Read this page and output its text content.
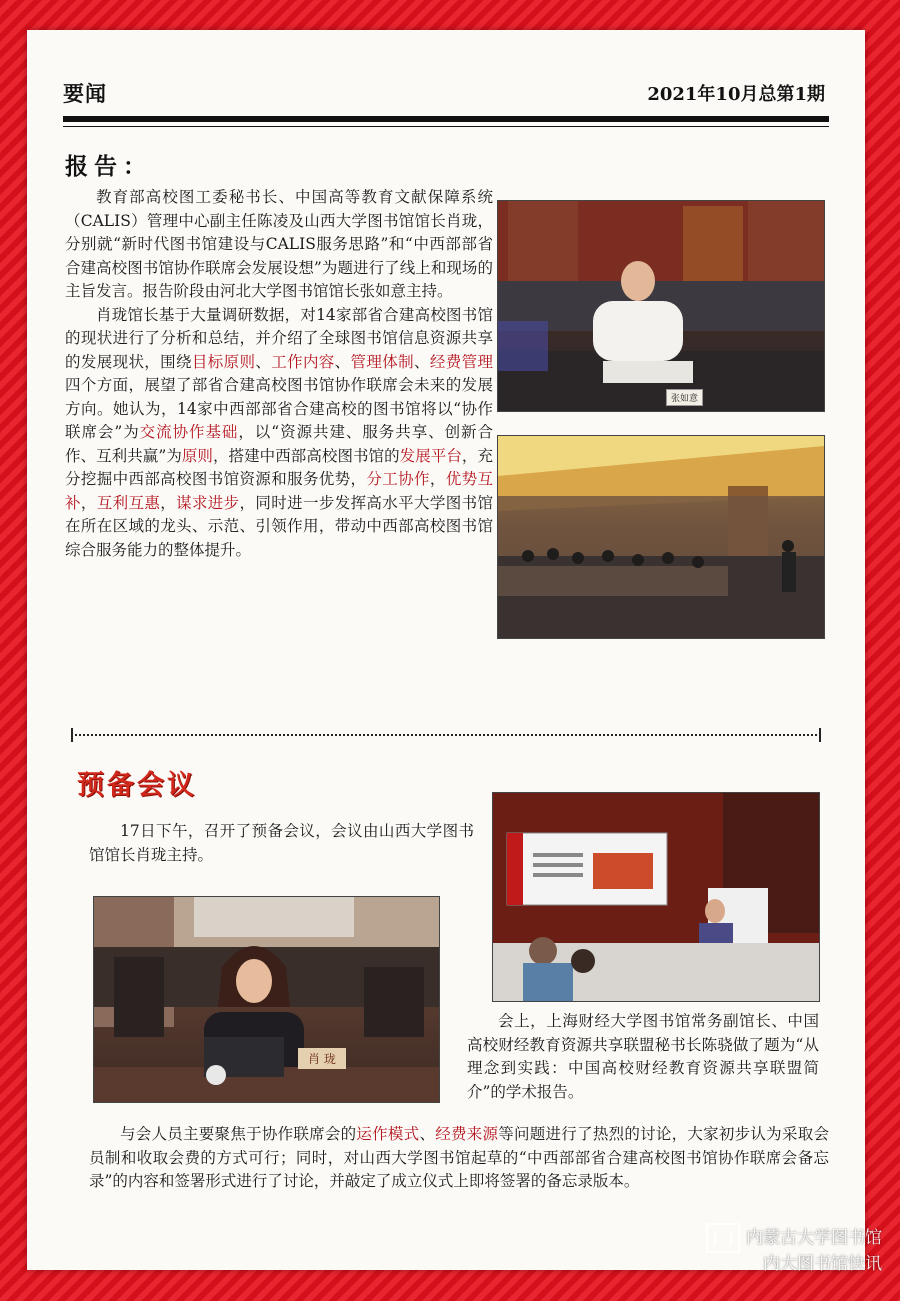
要闻	2021年10月总第1期
报告：

教育部高校图工委秘书长、中国高等教育文献保障系统（CALIS）管理中心副主任陈凌及山西大学图书馆馆长肖珑，分别就“新时代图书馆建设与CALIS服务思路”和“中西部部省合建高校图书馆协作联席会发展设想”为题进行了线上和现场的主旨发言。报告阶段由河北大学图书馆馆长张如意主持。

肖珑馆长基于大量调研数据，对14家部省合建高校图书馆的现状进行了分析和总结，并介绍了全球图书馆信息资源共享的发展现状，围绕目标原则、工作内容、管理体制、经费管理四个方面，展望了部省合建高校图书馆协作联席会未来的发展方向。她认为，14家中西部部省合建高校的图书馆将以“协作联席会”为交流协作基础，以“资源共建、服务共享、创新合作、互利共赢”为原则，搭建中西部高校图书馆的发展平台，充分挖掘中西部高校图书馆资源和服务优势，分工协作，优势互补，互利互惠，谋求进步，同时进一步发挥高水平大学图书馆在所在区域的龙头、示范、引领作用，带动中西部高校图书馆综合服务能力的整体提升。

张如意
预备会议

17日下午，召开了预备会议，会议由山西大学图书馆馆长肖珑主持。

会上，上海财经大学图书馆常务副馆长、中国高校财经教育资源共享联盟秘书长陈骁做了题为“从理念到实践：中国高校财经教育资源共享联盟简介”的学术报告。

肖 珑

与会人员主要聚焦于协作联席会的运作模式、经费来源等问题进行了热烈的讨论，大家初步认为采取会员制和收取会费的方式可行；同时，对山西大学图书馆起草的“中西部部省合建高校图书馆协作联席会备忘录”的内容和签署形式进行了讨论，并敲定了成立仪式上即将签署的备忘录版本。

内蒙古大学图书馆
内大图书馆快讯
